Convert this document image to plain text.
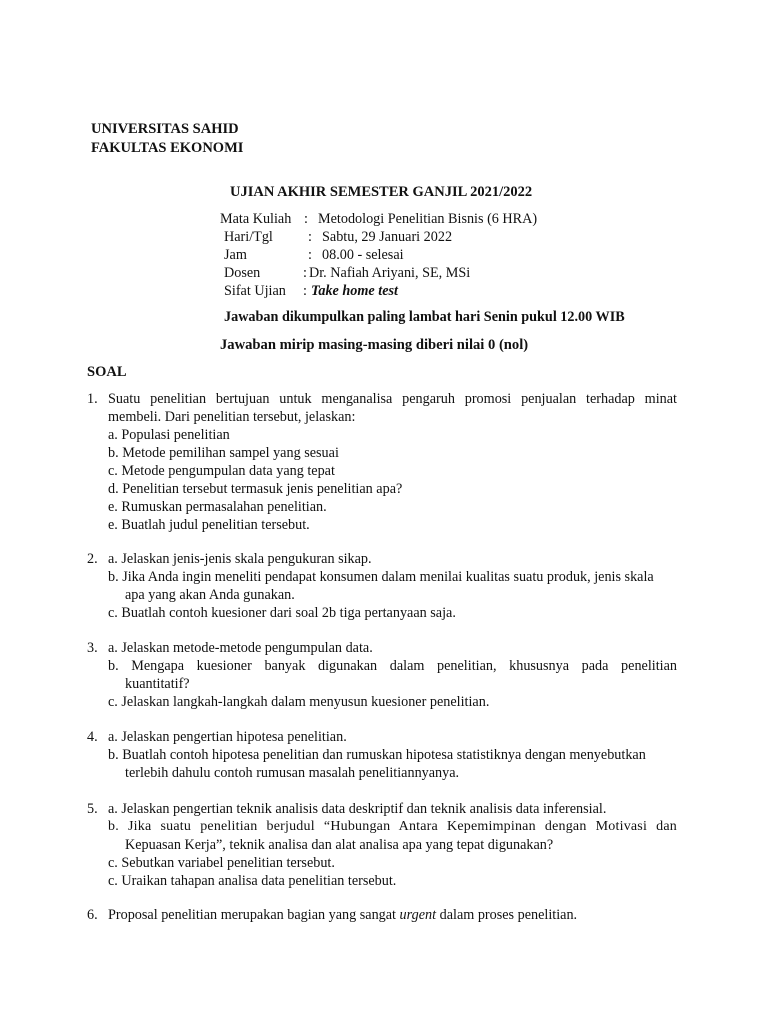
UNIVERSITAS SAHID
FAKULTAS EKONOMI
UJIAN AKHIR SEMESTER GANJIL 2021/2022
Mata Kuliah : Metodologi Penelitian Bisnis (6 HRA)
Hari/Tgl	: Sabtu, 29 Januari 2022
Jam	: 08.00 - selesai
Dosen	: Dr. Nafiah Ariyani, SE, MSi
Sifat Ujian	: Take home test
Jawaban dikumpulkan paling lambat hari Senin pukul 12.00 WIB
Jawaban mirip masing-masing diberi nilai 0 (nol)
SOAL
1. Suatu penelitian bertujuan untuk menganalisa pengaruh promosi penjualan terhadap minat
membeli. Dari penelitian tersebut, jelaskan:
a. Populasi penelitian
b. Metode pemilihan sampel yang sesuai
c. Metode pengumpulan data yang tepat
d. Penelitian tersebut termasuk jenis penelitian apa?
e. Rumuskan permasalahan penelitian.
e. Buatlah judul penelitian tersebut.
2. a. Jelaskan jenis-jenis skala pengukuran sikap.
b. Jika Anda ingin meneliti pendapat konsumen dalam menilai kualitas suatu produk, jenis skala
apa yang akan Anda gunakan.
c. Buatlah contoh kuesioner dari soal 2b tiga pertanyaan saja.
3. a. Jelaskan metode-metode pengumpulan data.
b. Mengapa kuesioner banyak digunakan dalam penelitian, khususnya pada penelitian
kuantitatif?
c. Jelaskan langkah-langkah dalam menyusun kuesioner penelitian.
4. a. Jelaskan pengertian hipotesa penelitian.
b. Buatlah contoh hipotesa penelitian dan rumuskan hipotesa statistiknya dengan menyebutkan
terlebih dahulu contoh rumusan masalah penelitiannyanya.
5. a. Jelaskan pengertian teknik analisis data deskriptif dan teknik analisis data inferensial.
b. Jika suatu penelitian berjudul “Hubungan Antara Kepemimpinan dengan Motivasi dan
Kepuasan Kerja”, teknik analisa dan alat analisa apa yang tepat digunakan?
c. Sebutkan variabel penelitian tersebut.
c. Uraikan tahapan analisa data penelitian tersebut.
6. Proposal penelitian merupakan bagian yang sangat urgent dalam proses penelitian.
